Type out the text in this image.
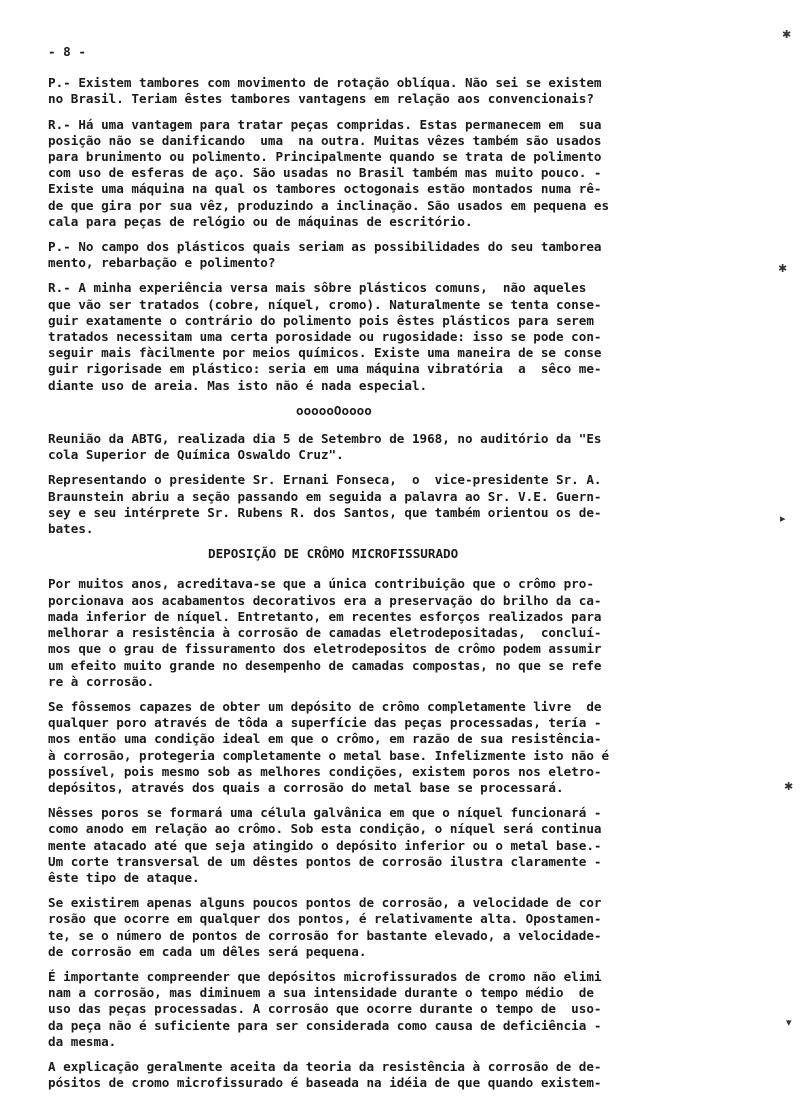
✱
✱
▸
✱
▾
- 8 -

P.- Existem tambores com movimento de rotação oblíqua. Não sei se existem

no Brasil. Teriam êstes tambores vantagens em relação aos convencionais?

R.- Há uma vantagem para tratar peças compridas. Estas permanecem em  sua

posição não se danificando  uma  na outra. Muitas vêzes também são usados

para brunimento ou polimento. Principalmente quando se trata de polimento

com uso de esferas de aço. São usadas no Brasil também mas muito pouco. -

Existe uma máquina na qual os tambores octogonais estão montados numa rê-

de que gira por sua vêz, produzindo a inclinação. São usados em pequena es

cala para peças de relógio ou de máquinas de escritório.

P.- No campo dos plásticos quais seriam as possibilidades do seu tamborea

mento, rebarbação e polimento?

R.- A minha experiência versa mais sôbre plásticos comuns,  não aqueles

que vão ser tratados (cobre, níquel, cromo). Naturalmente se tenta conse-

guir exatamente o contrário do polimento pois êstes plásticos para serem

tratados necessitam uma certa porosidade ou rugosidade: isso se pode con-

seguir mais fàcilmente por meios químicos. Existe uma maneira de se conse

guir rigorisade em plástico: seria em uma máquina vibratória  a  sêco me-

diante uso de areia. Mas isto não é nada especial.

oooooOoooo

Reunião da ABTG, realizada dia 5 de Setembro de 1968, no auditório da "Es

cola Superior de Química Oswaldo Cruz".

Representando o presidente Sr. Ernani Fonseca,  o  vice-presidente Sr. A.

Braunstein abriu a seção passando em seguida a palavra ao Sr. V.E. Guern-

sey e seu intérprete Sr. Rubens R. dos Santos, que também orientou os de-

bates.

DEPOSIÇÃO DE CRÔMO MICROFISSURADO

Por muitos anos, acreditava-se que a única contribuição que o crômo pro-

porcionava aos acabamentos decorativos era a preservação do brilho da ca-

mada inferior de níquel. Entretanto, em recentes esforços realizados para

melhorar a resistência à corrosão de camadas eletrodepositadas,  concluí-

mos que o grau de fissuramento dos eletrodepositos de crômo podem assumir

um efeito muito grande no desempenho de camadas compostas, no que se refe

re à corrosão.

Se fôssemos capazes de obter um depósito de crômo completamente livre  de

qualquer poro através de tôda a superfície das peças processadas, tería -

mos então uma condição ideal em que o crômo, em razão de sua resistência-

à corrosão, protegeria completamente o metal base. Infelizmente isto não é

possível, pois mesmo sob as melhores condições, existem poros nos eletro-

depósitos, através dos quais a corrosão do metal base se processará.

Nêsses poros se formará uma célula galvânica em que o níquel funcionará -

como anodo em relação ao crômo. Sob esta condição, o níquel será continua

mente atacado até que seja atingido o depósito inferior ou o metal base.-

Um corte transversal de um dêstes pontos de corrosão ilustra claramente -

êste tipo de ataque.

Se existirem apenas alguns poucos pontos de corrosão, a velocidade de cor

rosão que ocorre em qualquer dos pontos, é relativamente alta. Opostamen-

te, se o número de pontos de corrosão for bastante elevado, a velocidade-

de corrosão em cada um dêles será pequena.

É importante compreender que depósitos microfissurados de cromo não elimi

nam a corrosão, mas diminuem a sua intensidade durante o tempo médio  de

uso das peças processadas. A corrosão que ocorre durante o tempo de  uso-

da peça não é suficiente para ser considerada como causa de deficiência -

da mesma.

A explicação geralmente aceita da teoria da resistência à corrosão de de-

pósitos de cromo microfissurado é baseada na idéia de que quando existem-
